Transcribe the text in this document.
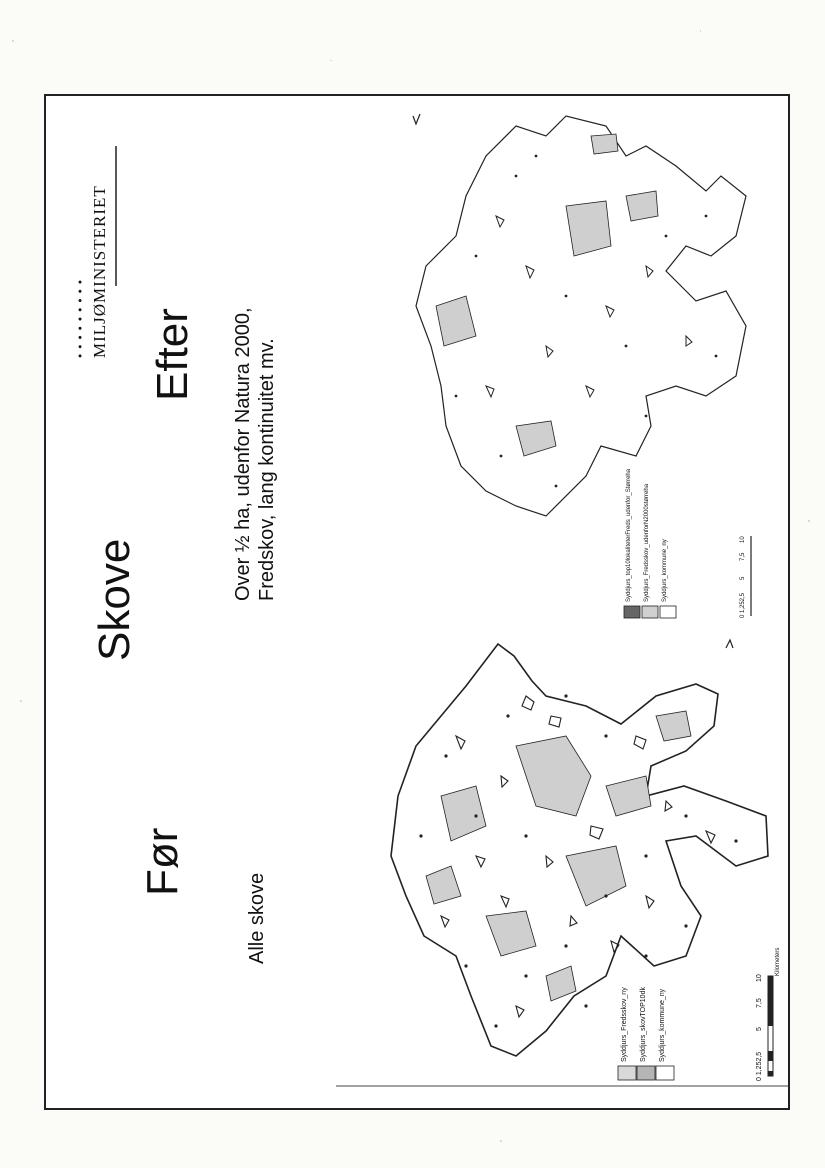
Skove
Før
Efter
Alle skove
Over ½ ha, udenfor Natura 2000, Fredskov, lang kontinuitet mv.
MILJØMINISTERIET
●●●●●●●●●
Syddjurs_Fredsskov_ny Syddjurs_skovTOP10dk Syddjurs_kommune_ny
Syddjurs_top10lokaliteterFreds_udenfor_Størreha Syddjurs_Fredsskov_udenforN2000størreha Syddjurs_kommune_ny
0 1,252,5
5
7,5
10
Kilometers
0 1,252,5
5
7,5
10
